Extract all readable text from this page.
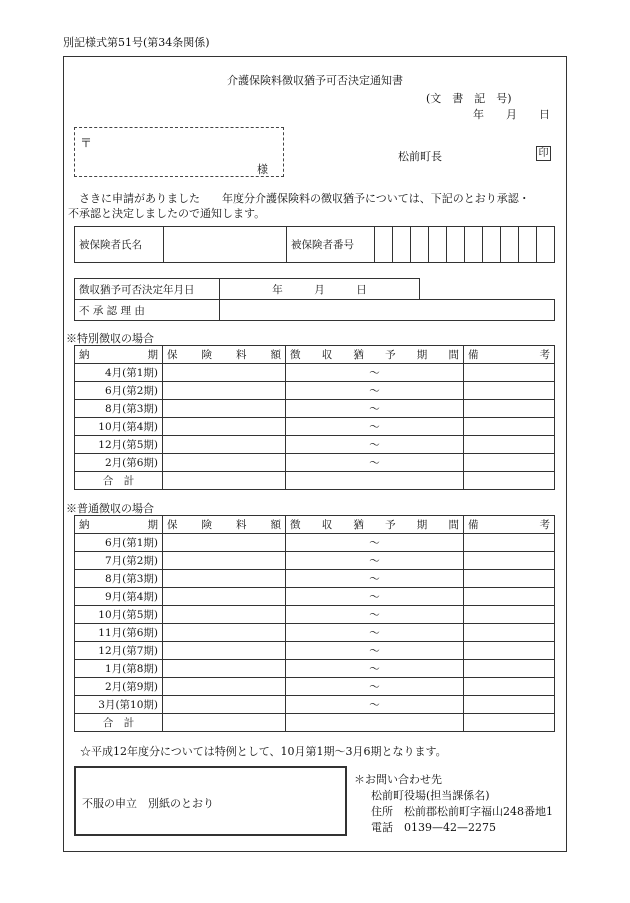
別記様式第51号(第34条関係)
介護保険料徴収猶予可否決定通知書
(文　書　記　号)
年　　月　　日
〒
様
松前町長	印
　さきに申請がありました　　年度分介護保険料の徴収猶予については、下記のとおり承認・
不承認と決定しましたので通知します。
被保険者氏名		被保険者番号										
徴収猶予可否決定年月日	年　　　月　　　日	
不 承 認 理 由		
※特別徴収の場合
納期	保険料額	徴収猶予期間	備考
4月(第1期)		〜	
6月(第2期)		〜	
8月(第3期)		〜	
10月(第4期)		〜	
12月(第5期)		〜	
2月(第6期)		〜	
合　計			
※普通徴収の場合
納期	保険料額	徴収猶予期間	備考
6月(第1期)		〜	
7月(第2期)		〜	
8月(第3期)		〜	
9月(第4期)		〜	
10月(第5期)		〜	
11月(第6期)		〜	
12月(第7期)		〜	
1月(第8期)		〜	
2月(第9期)		〜	
3月(第10期)		〜	
合　計			
☆平成12年度分については特例として、10月第1期〜3月6期となります。
不服の申立　別紙のとおり
＊お問い合わせ先
松前町役場(担当課係名)
住所　松前郡松前町字福山248番地1
電話　0139—42—2275
